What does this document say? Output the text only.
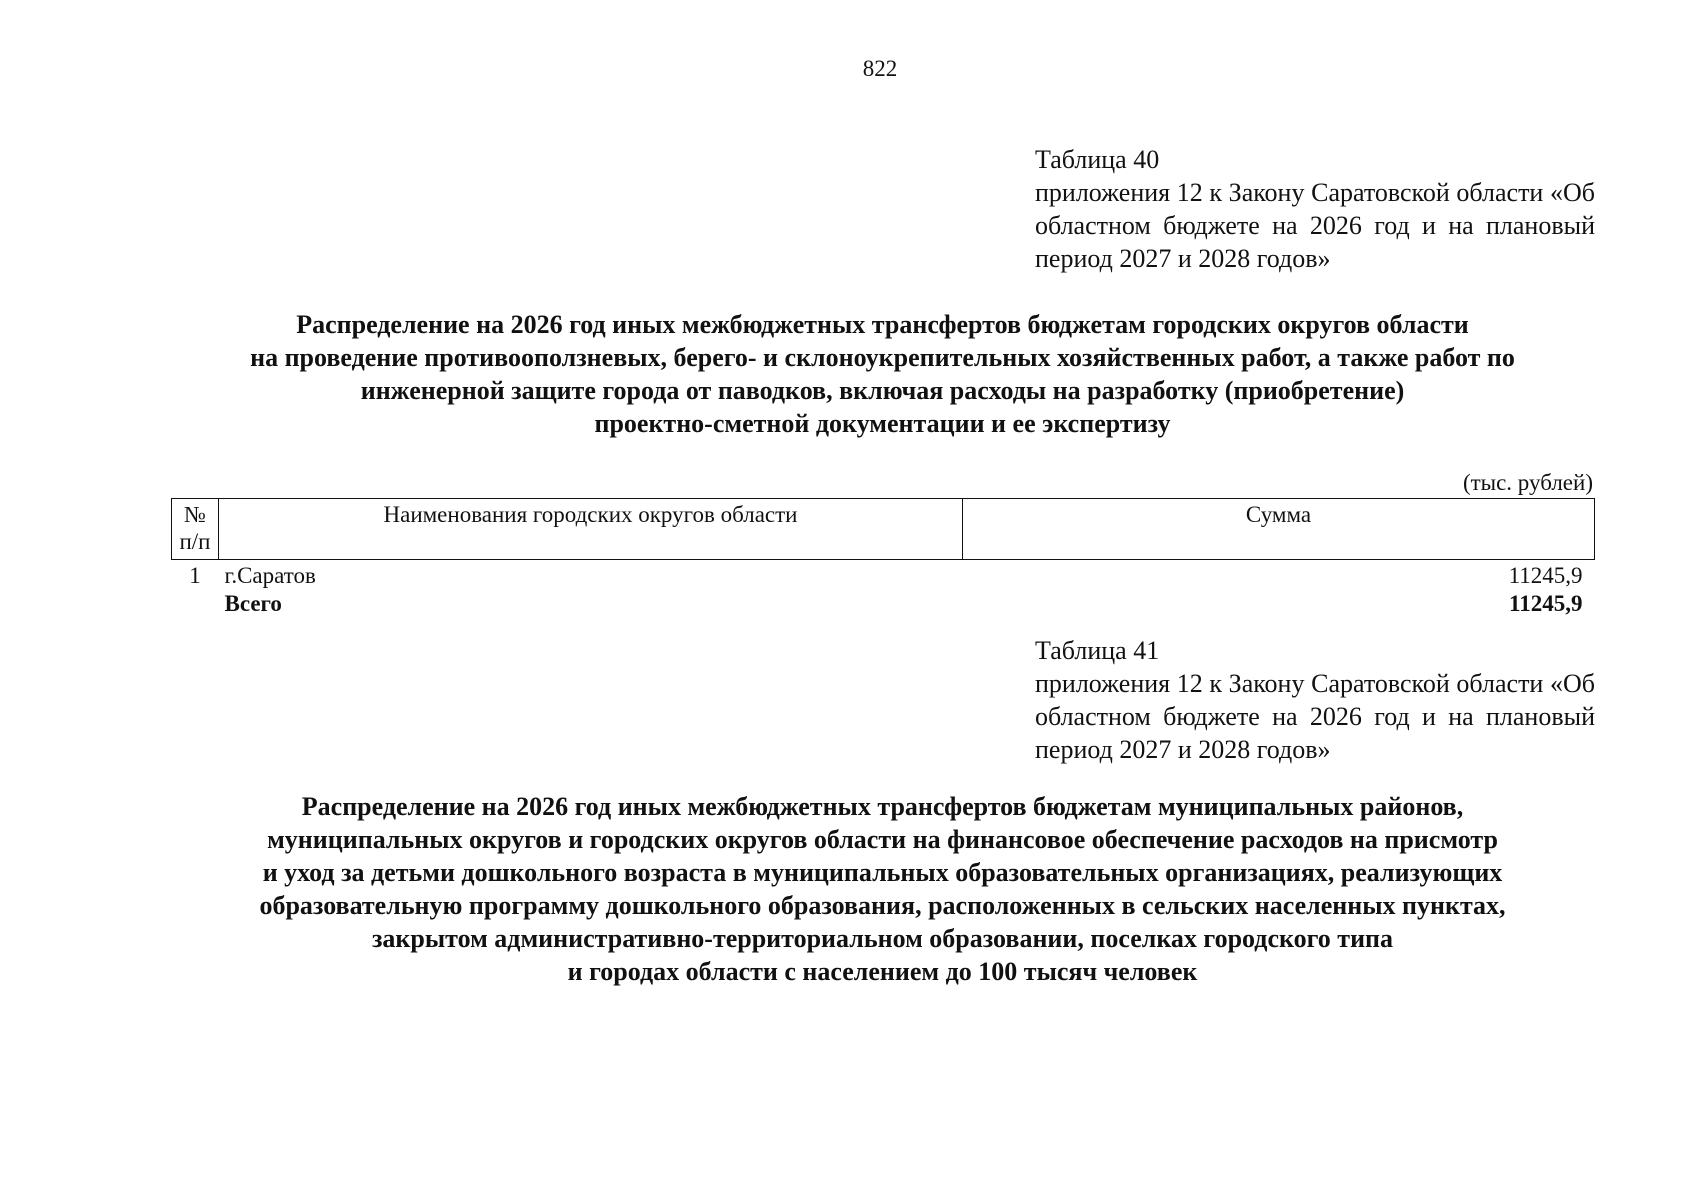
822
Таблица 40
приложения 12 к Закону Саратовской области «Об областном бюджете на 2026 год и на плановый период 2027 и 2028 годов»
Распределение на 2026 год иных межбюджетных трансфертов бюджетам городских округов области
на проведение противооползневых, берего- и склоноукрепительных хозяйственных работ, а также работ по
инженерной защите города от паводков, включая расходы на разработку (приобретение)
проектно-сметной документации и ее экспертизу
(тыс. рублей)
№ п/п	Наименования городских округов области	Сумма
1	г.Саратов	11245,9
	Всего	11245,9
Таблица 41
приложения 12 к Закону Саратовской области «Об областном бюджете на 2026 год и на плановый период 2027 и 2028 годов»
Распределение на 2026 год иных межбюджетных трансфертов бюджетам муниципальных районов,
муниципальных округов и городских округов области на финансовое обеспечение расходов на присмотр
и уход за детьми дошкольного возраста в муниципальных образовательных организациях, реализующих
образовательную программу дошкольного образования, расположенных в сельских населенных пунктах,
закрытом административно-территориальном образовании, поселках городского типа
и городах области с населением до 100 тысяч человек
